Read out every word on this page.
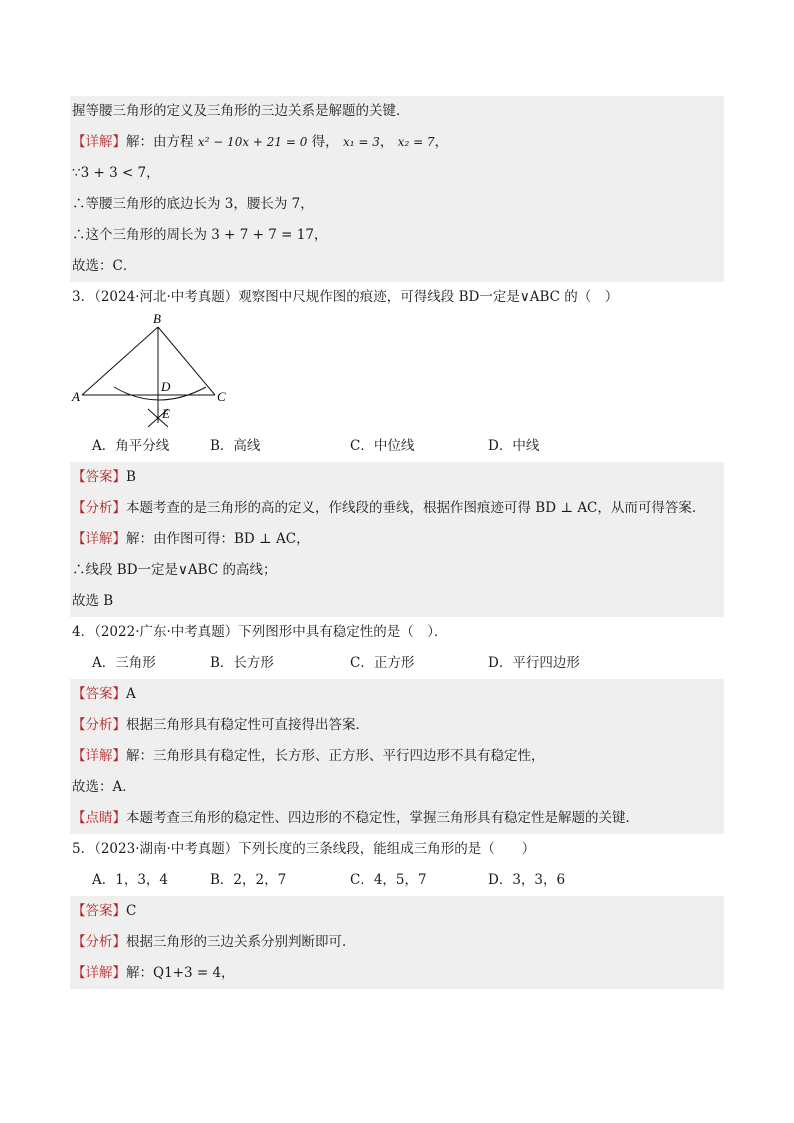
握等腰三角形的定义及三角形的三边关系是解题的关键．
【详解】解：由方程 x² − 10x + 21 = 0 得， x₁ = 3， x₂ = 7，
∵3 + 3 < 7，
∴等腰三角形的底边长为 3，腰长为 7，
∴这个三角形的周长为 3 + 7 + 7 = 17，
故选：C．
3．（2024·河北·中考真题）观察图中尺规作图的痕迹，可得线段 BD一定是∨ABC 的（　）
A
B
C
D
E
A．角平分线	B．高线	C．中位线	D．中线
【答案】B
【分析】本题考查的是三角形的高的定义，作线段的垂线，根据作图痕迹可得 BD ⊥ AC，从而可得答案．
【详解】解：由作图可得：BD ⊥ AC，
∴线段 BD一定是∨ABC 的高线；
故选 B
4．（2022·广东·中考真题）下列图形中具有稳定性的是（　）．
A．三角形	B．长方形	C．正方形	D．平行四边形
【答案】A
【分析】根据三角形具有稳定性可直接得出答案．
【详解】解：三角形具有稳定性，长方形、正方形、平行四边形不具有稳定性，
故选：A．
【点睛】本题考查三角形的稳定性、四边形的不稳定性，掌握三角形具有稳定性是解题的关键．
5．（2023·湖南·中考真题）下列长度的三条线段，能组成三角形的是（　　）
A．1，3，4	B．2，2，7	C．4，5，7	D．3，3，6
【答案】C
【分析】根据三角形的三边关系分别判断即可．
【详解】解：Q1+3 = 4，
